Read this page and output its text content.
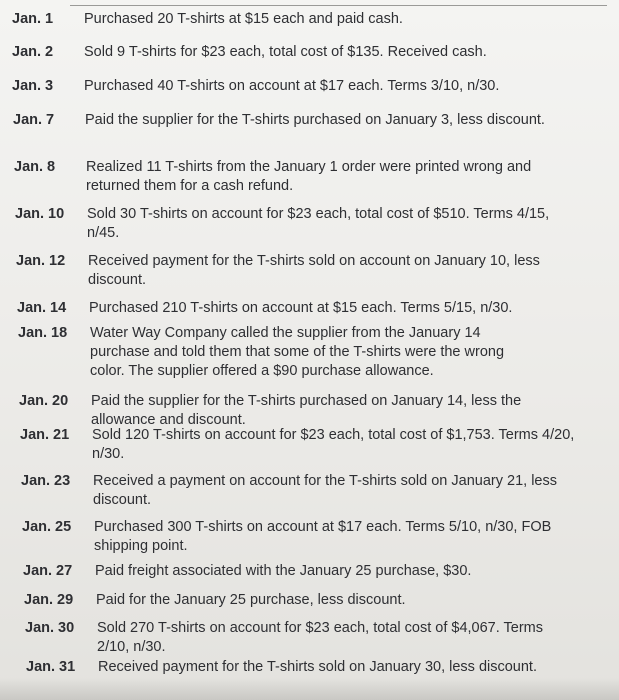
Jan. 1	Purchased 20 T-shirts at $15 each and paid cash.
Jan. 2	Sold 9 T-shirts for $23 each, total cost of $135. Received cash.
Jan. 3	Purchased 40 T-shirts on account at $17 each. Terms 3/10, n/30.
Jan. 7	Paid the supplier for the T-shirts purchased on January 3, less discount.
Jan. 8	Realized 11 T-shirts from the January 1 order were printed wrong and returned them for a cash refund.
Jan. 10	Sold 30 T-shirts on account for $23 each, total cost of $510. Terms 4/15, n/45.
Jan. 12	Received payment for the T-shirts sold on account on January 10, less discount.
Jan. 14	Purchased 210 T-shirts on account at $15 each. Terms 5/15, n/30.
Jan. 18	Water Way Company called the supplier from the January 14 purchase and told them that some of the T-shirts were the wrong color. The supplier offered a $90 purchase allowance.
Jan. 20	Paid the supplier for the T-shirts purchased on January 14, less the allowance and discount.
Jan. 21	Sold 120 T-shirts on account for $23 each, total cost of $1,753. Terms 4/20, n/30.
Jan. 23	Received a payment on account for the T-shirts sold on January 21, less discount.
Jan. 25	Purchased 300 T-shirts on account at $17 each. Terms 5/10, n/30, FOB shipping point.
Jan. 27	Paid freight associated with the January 25 purchase, $30.
Jan. 29	Paid for the January 25 purchase, less discount.
Jan. 30	Sold 270 T-shirts on account for $23 each, total cost of $4,067. Terms 2/10, n/30.
Jan. 31	Received payment for the T-shirts sold on January 30, less discount.
